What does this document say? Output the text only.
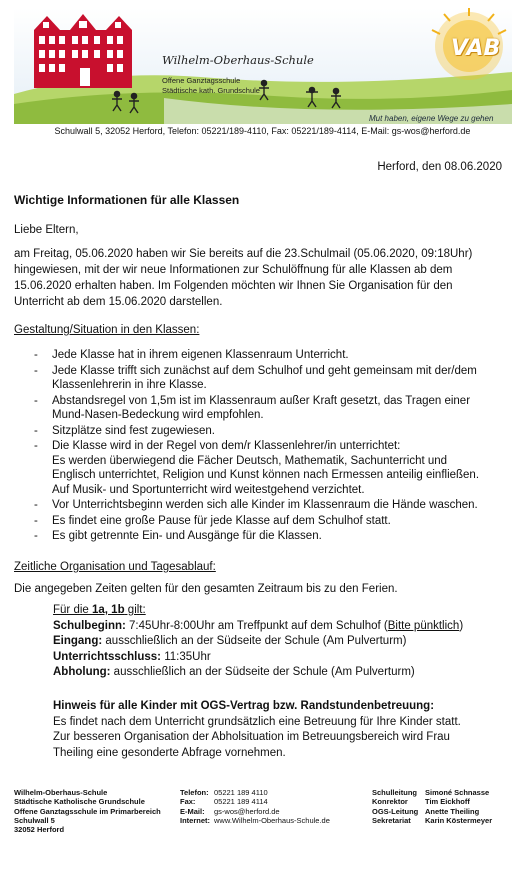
Wilhelm-Oberhaus-Schule
Offene Ganztagsschule
Städtische kath. Grundschule
VAB
Mut haben, eigene Wege zu gehen
Schulwall 5, 32052 Herford, Telefon: 05221/189-4110, Fax: 05221/189-4114, E-Mail: gs-wos@herford.de
Herford, den 08.06.2020
Wichtige Informationen für alle Klassen
Liebe Eltern,
am Freitag, 05.06.2020 haben wir Sie bereits auf die 23.Schulmail (05.06.2020, 09:18Uhr)
hingewiesen, mit der wir neue Informationen zur Schulöffnung für alle Klassen ab dem
15.06.2020 erhalten haben. Im Folgenden möchten wir Ihnen Sie Organisation für den
Unterricht ab dem 15.06.2020 darstellen.
Gestaltung/Situation in den Klassen:
- Jede Klasse hat in ihrem eigenen Klassenraum Unterricht.
- Jede Klasse trifft sich zunächst auf dem Schulhof und geht gemeinsam mit der/dem
Klassenlehrerin in ihre Klasse.
- Abstandsregel von 1,5m ist im Klassenraum außer Kraft gesetzt, das Tragen einer
Mund-Nasen-Bedeckung wird empfohlen.
- Sitzplätze sind fest zugewiesen.
- Die Klasse wird in der Regel von dem/r Klassenlehrer/in unterrichtet:
Es werden überwiegend die Fächer Deutsch, Mathematik, Sachunterricht und
Englisch unterrichtet, Religion und Kunst können nach Ermessen anteilig einfließen.
Auf Musik- und Sportunterricht wird weitestgehend verzichtet.
- Vor Unterrichtsbeginn werden sich alle Kinder im Klassenraum die Hände waschen.
- Es findet eine große Pause für jede Klasse auf dem Schulhof statt.
- Es gibt getrennte Ein- und Ausgänge für die Klassen.
Zeitliche Organisation und Tagesablauf:
Die angegeben Zeiten gelten für den gesamten Zeitraum bis zu den Ferien.
Für die 1a, 1b gilt:
Schulbeginn: 7:45Uhr-8:00Uhr am Treffpunkt auf dem Schulhof (Bitte pünktlich)
Eingang: ausschließlich an der Südseite der Schule (Am Pulverturm)
Unterrichtsschluss: 11:35Uhr
Abholung: ausschließlich an der Südseite der Schule (Am Pulverturm)
Hinweis für alle Kinder mit OGS-Vertrag bzw. Randstundenbetreuung:
Es findet nach dem Unterricht grundsätzlich eine Betreuung für Ihre Kinder statt.
Zur besseren Organisation der Abholsituation im Betreuungsbereich wird Frau
Theiling eine gesonderte Abfrage vornehmen.
Wilhelm-Oberhaus-Schule
Städtische Katholische Grundschule
Offene Ganztagsschule im Primarbereich
Schulwall 5
32052 Herford
Telefon: 05221 189 4110
Fax: 05221 189 4114
E-Mail: gs-wos@herford.de
Internet: www.Wilhelm-Oberhaus-Schule.de
Schulleitung Simoné Schnasse
Konrektor Tim Eickhoff
OGS-Leitung Anette Theiling
Sekretariat Karin Köstermeyer
